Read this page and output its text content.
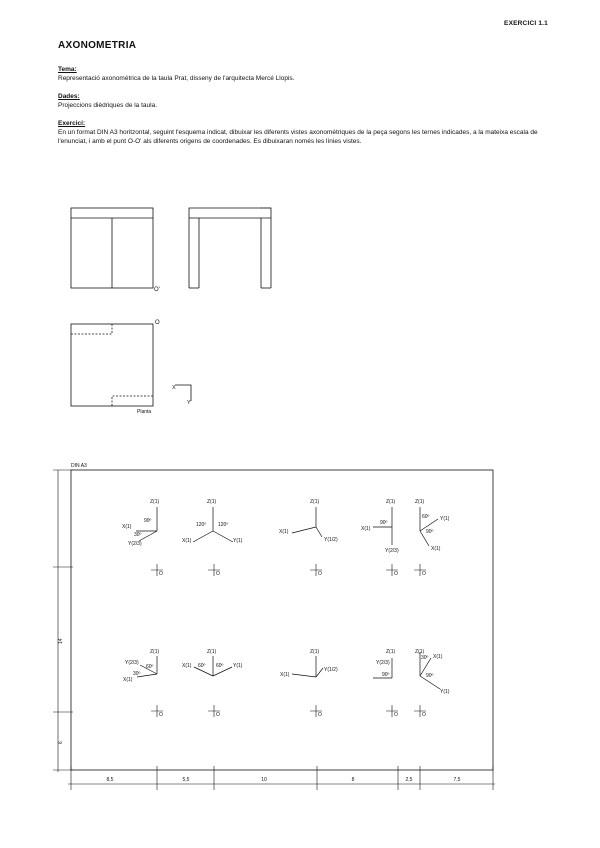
EXERCICI 1.1
AXONOMETRIA
Tema:
Representació axonomètrica de la taula Prat, disseny de l'arquitecta Mercé Llopis.
Dades:
Projeccions dièdriques de la taula.
Exercici:
En un format DIN A3 horitzontal, seguint l'esquema indicat, dibuixar les diferents vistes axonomètriques de la peça segons les ternes indicades, a la mateixa escala de l'enunciat, i amb el punt O-O' als diferents origens de coordenades. Es dibuixaran només les línies vistes.
O'
O
Planta
X
Y
DIN A3
14
6
8,5	5,5	10	8	2,5	7,5
O	O	O	O	O
O	O	O	O	O
Z(1)
X(1)
Y(2/3)
90º
30º
Z(1)
X(1)	Y(1)
120º 120º
Z(1)
X(1)
Y(1/2)
Z(1)
X(1)
Y(2/3)
90º
Z(1)
Y(1)
X(1)
60º
90º
Z(1)
Y(2/3)
X(1)
60º
30º
Z(1)
X(1)	Y(1)
60º 60º
Z(1)
X(1)
Y(1/2)
Z(1)
Y(2/3)
90º
Z(1)
X(1)
Y(1)
30º
90º
